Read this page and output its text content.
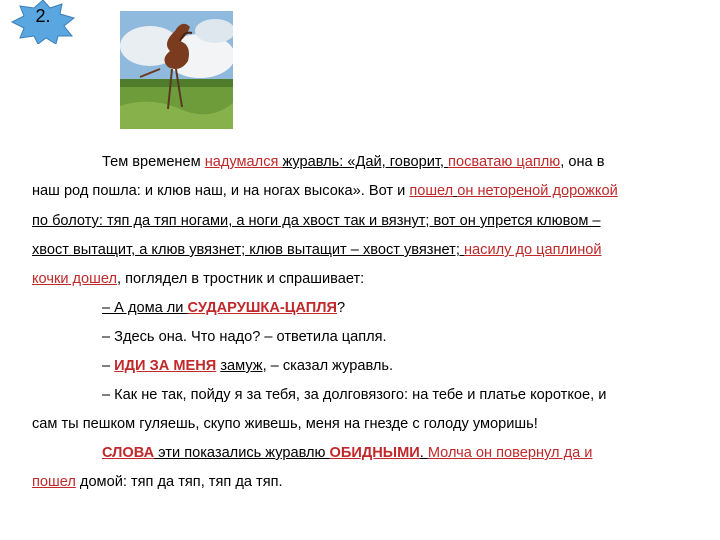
2.
Тем временем надумался журавль: «Дай, говорит, посватаю цаплю, она в
наш род пошла: и клюв наш, и на ногах высока». Вот и пошел он нетореной дорожкой
по болоту: тяп да тяп ногами, а ноги да хвост так и вязнут; вот он упрется клювом –
хвост вытащит, а клюв увязнет; клюв вытащит – хвост увязнет; насилу до цаплиной
кочки дошел, поглядел в тростник и спрашивает:
– А дома ли СУДАРУШКА-ЦАПЛЯ?
– Здесь она. Что надо? – ответила цапля.
– ИДИ ЗА МЕНЯ замуж, – сказал журавль.
– Как не так, пойду я за тебя, за долговязого: на тебе и платье короткое, и
сам ты пешком гуляешь, скупо живешь, меня на гнезде с голоду уморишь!
СЛОВА эти показались журавлю ОБИДНЫМИ. Молча он повернул да и
пошел домой: тяп да тяп, тяп да тяп.
